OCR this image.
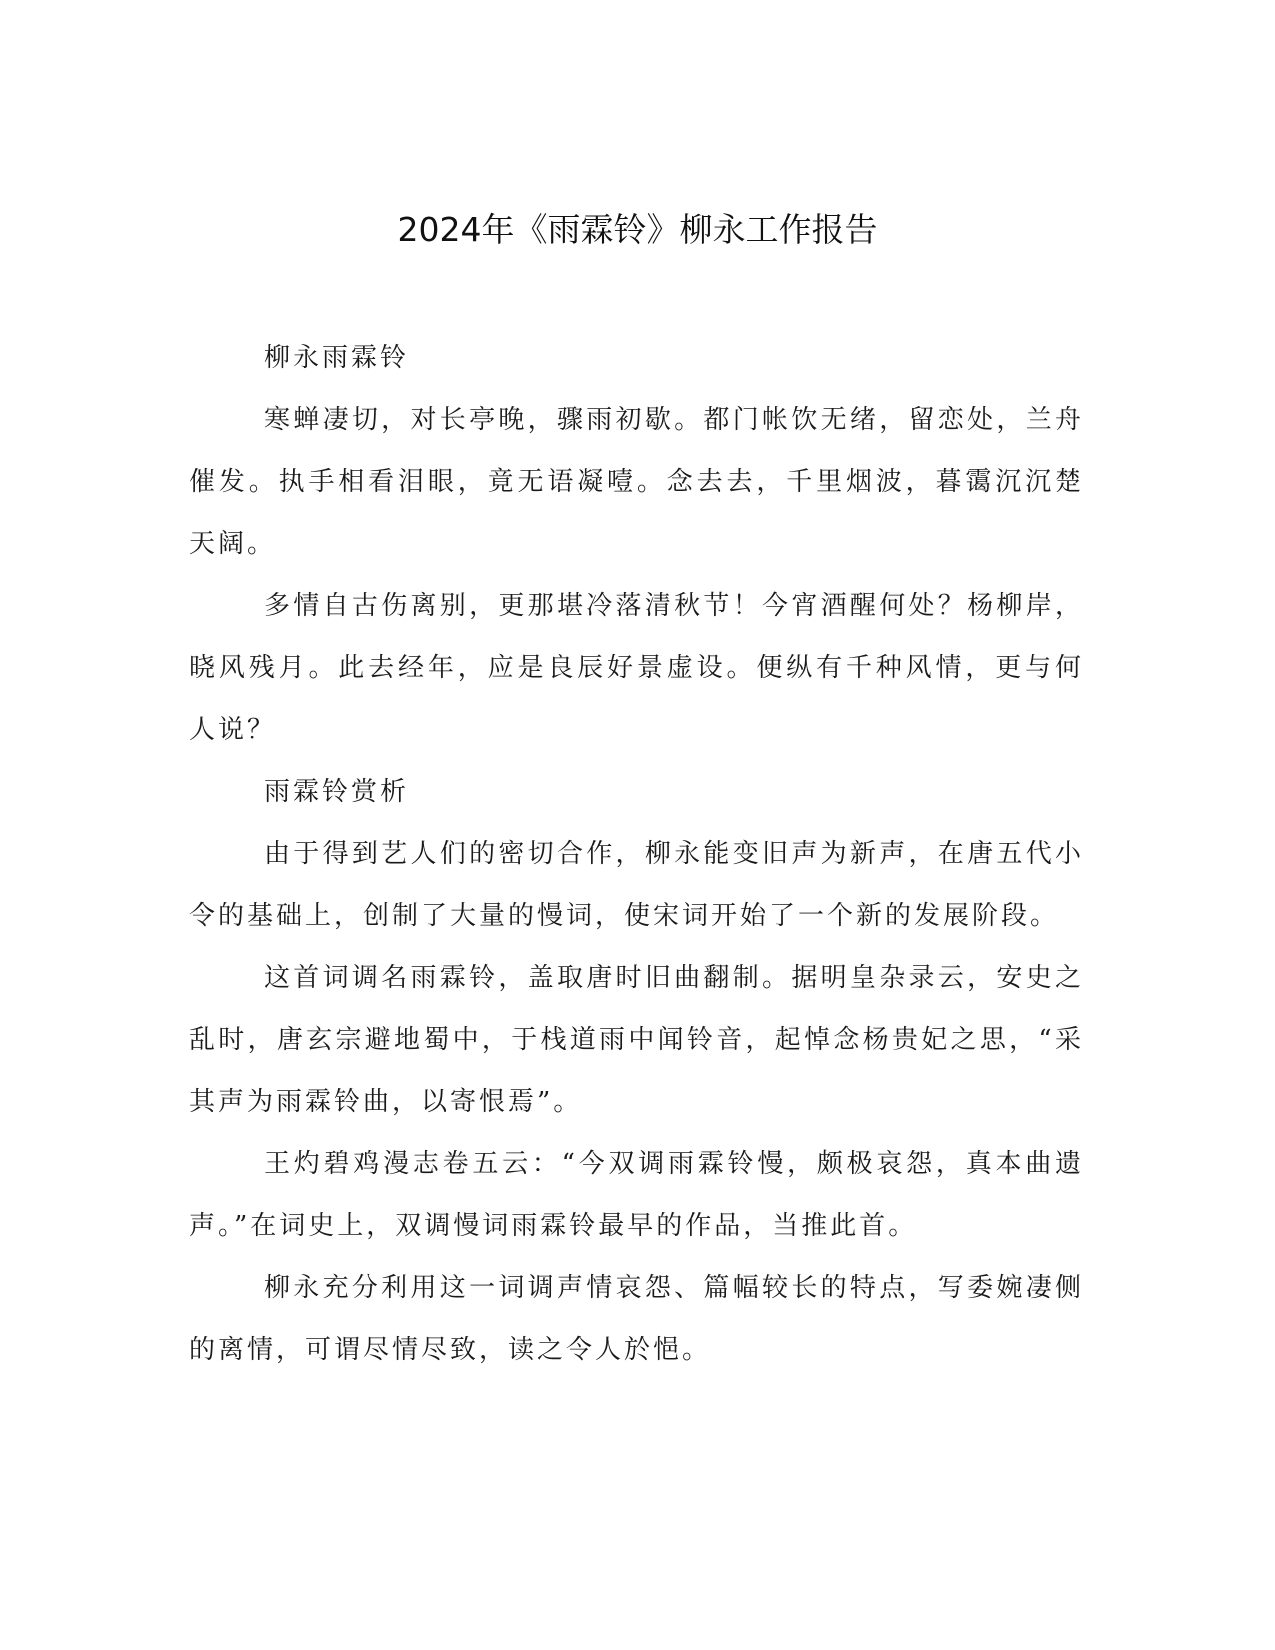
2024年《雨霖铃》柳永工作报告

柳永雨霖铃

寒蝉凄切，对长亭晚，骤雨初歇。都门帐饮无绪，留恋处，兰舟催发。执手相看泪眼，竟无语凝噎。念去去，千里烟波，暮霭沉沉楚天阔。

多情自古伤离别，更那堪冷落清秋节！今宵酒醒何处？杨柳岸，晓风残月。此去经年，应是良辰好景虚设。便纵有千种风情，更与何人说？

雨霖铃赏析

由于得到艺人们的密切合作，柳永能变旧声为新声，在唐五代小令的基础上，创制了大量的慢词，使宋词开始了一个新的发展阶段。

这首词调名雨霖铃，盖取唐时旧曲翻制。据明皇杂录云，安史之乱时，唐玄宗避地蜀中，于栈道雨中闻铃音，起悼念杨贵妃之思，“采其声为雨霖铃曲，以寄恨焉”。

王灼碧鸡漫志卷五云：“今双调雨霖铃慢，颇极哀怨，真本曲遗声。”在词史上，双调慢词雨霖铃最早的作品，当推此首。

柳永充分利用这一词调声情哀怨、篇幅较长的特点，写委婉凄侧的离情，可谓尽情尽致，读之令人於悒。
